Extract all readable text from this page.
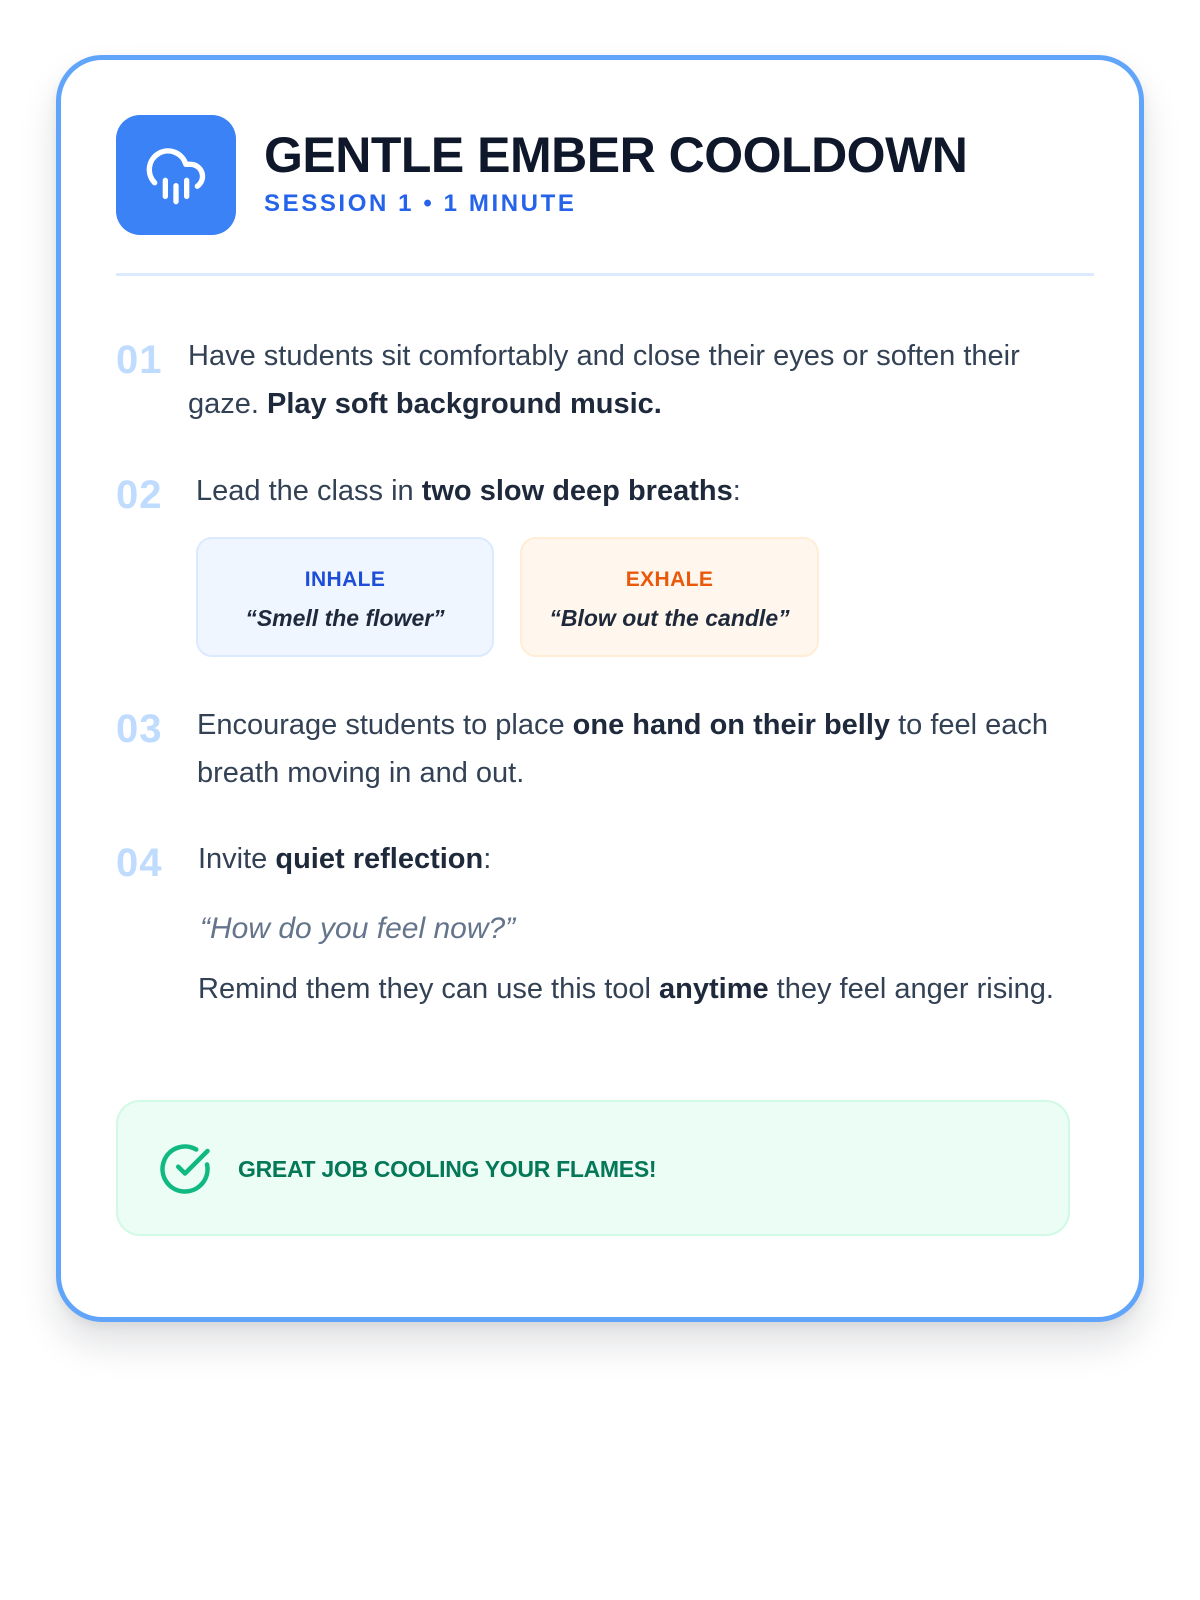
GENTLE EMBER COOLDOWN
SESSION 1 • 1 MINUTE
01 Have students sit comfortably and close their eyes or soften their gaze. Play soft background music.
02 Lead the class in two slow deep breaths:
INHALE
“Smell the flower”
EXHALE
“Blow out the candle”
03 Encourage students to place one hand on their belly to feel each breath moving in and out.
04 Invite quiet reflection:
“How do you feel now?”
Remind them they can use this tool anytime they feel anger rising.
GREAT JOB COOLING YOUR FLAMES!
